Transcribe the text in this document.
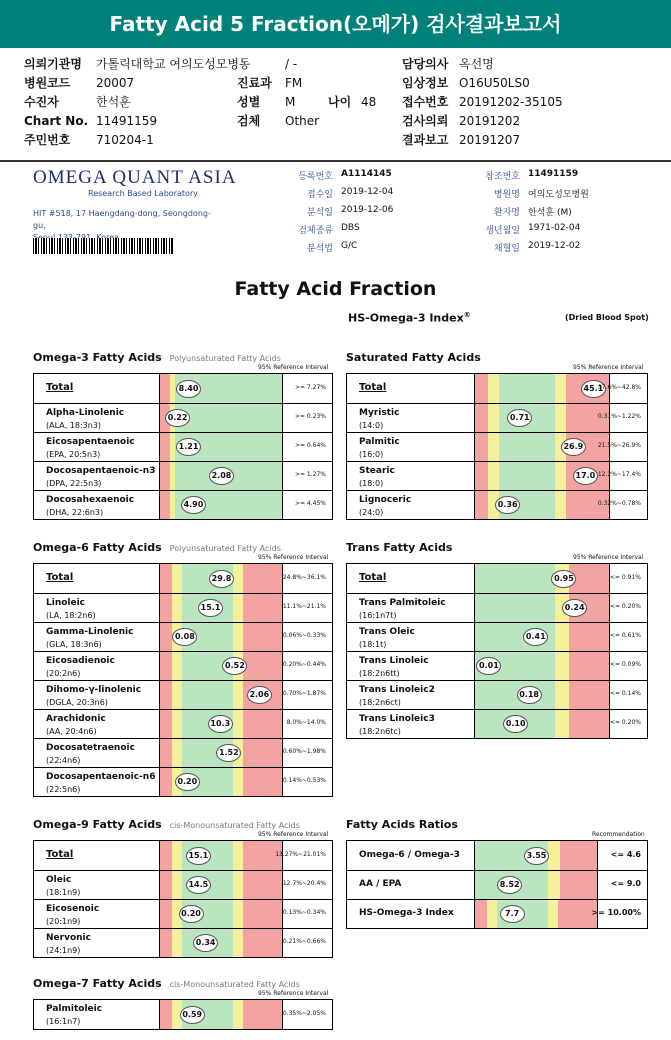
Fatty Acid 5 Fraction(오메가) 검사결과보고서
나이 48
OMEGA QUANT ASIA
Research Based Laboratory
HIT #518, 17 Haengdang-dong, Seongdong-gu,
Fatty Acid Fraction
HS-Omega-3 Index®	(Dried Blood Spot)
의뢰기관명 가톨릭대학교 여의도성모병동
병원코드 20007
수진자	한석훈
Chart No. 11491159
주민번호 710204-1
/ -
진료과 FM
성별 M
검체 Other
담당의사 옥선명
임상정보 O16U50LS0
접수번호 20191202-35105
검사의뢰 20191202
결과보고 20191207
등록번호 A1114145
접수일 2019-12-04
분석일 2019-12-06
검체종류 DBS
분석법 G/C
참조번호 11491159
병원명 여의도성모병원
환자명 한석훈 (M)
생년월일 1971-02-04
채혈일 2019-12-02
Omega-3 Fatty Acids Polyunsaturated Fatty Acids
95% Reference Interval
Total	8.40	>= 7.27%
Alpha-Linolenic
(ALA, 18:3n3)
0.22	>= 0.23%
Eicosapentaenoic
(EPA, 20:5n3)
1.21	>= 0.64%
Docosapentaenoic-n3
(DPA, 22:5n3)
2.08	>= 1.27%
Docosahexaenoic
(DHA, 22:6n3)
4.90	>= 4.45%
Saturated Fatty Acids
95% Reference Interval
Total	45.1
37.6%~42.8%
Myristic
(14:0)
0.71	0.31%~1.22%
Palmitic
(16:0)
26.9	21.5%~26.9%
Stearic
(18:0)
17.0 12.2%~17.4%
Lignoceric
(24:0)
0.36	0.32%~0.78%
Omega-6 Fatty Acids Polyunsaturated Fatty Acids
95% Reference Interval
Total	29.8	24.8%~36.1%
Linoleic
(LA, 18:2n6)
15.1	11.1%~21.1%
Gamma-Linolenic
(GLA, 18:3n6)
0.08	0.06%~0.33%
Eicosadienoic
(20:2n6)
0.52	0.20%~0.44%
Dihomo-γ-linolenic
(DGLA, 20:3n6)
2.06	0.70%~1.87%
Arachidonic
(AA, 20:4n6)
10.3	8.0%~14.0%
Docosatetraenoic
(22:4n6)
1.52	0.60%~1.98%
Docosapentaenoic-n6
(22:5n6)
0.20	0.14%~0.53%
Trans Fatty Acids
95% Reference Interval
Total	0.95	<= 0.91%
Trans Palmitoleic
(16:1n7t)
0.24	<= 0.20%
Trans Oleic
(18:1t)
0.41	<= 0.61%
Trans Linoleic
(18:2n6tt)
0.01	<= 0.09%
Trans Linoleic2
(18:2n6ct)
0.18	<= 0.14%
Trans Linoleic3
(18:2n6tc)
0.10	<= 0.20%
Omega-9 Fatty Acids cis-Monounsaturated Fatty Acids
95% Reference Interval
Total	15.1	13.27%~21.01%
Oleic
(18:1n9)
14.5	12.7%~20.4%
Eicosenoic
(20:1n9)
0.20	0.13%~0.34%
Nervonic
(24:1n9)
0.34	0.21%~0.66%
Omega-7 Fatty Acids cis-Monounsaturated Fatty Acids
95% Reference Interval
Palmitoleic
(16:1n7)
0.59	0.35%~2.05%
Fatty Acids Ratios
Recommendation
Omega-6 / Omega-3	3.55	<= 4.6
AA / EPA	8.52	<= 9.0
HS-Omega-3 Index	7.7	>= 10.00%
